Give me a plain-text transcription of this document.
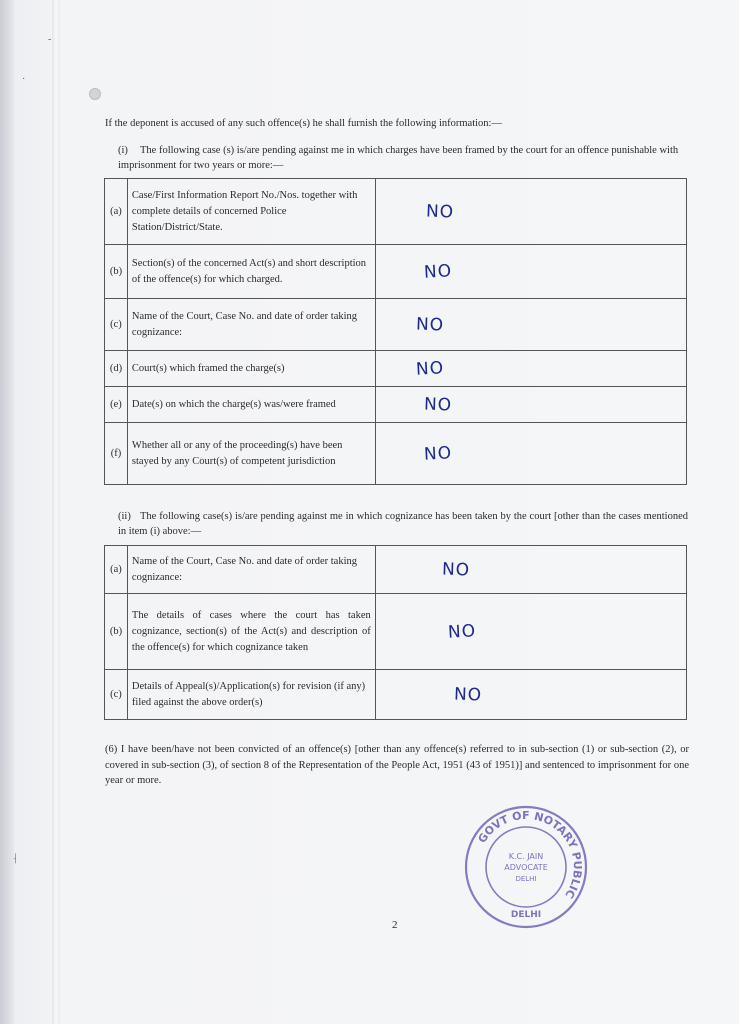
·
-
⸡
If the deponent is accused of any such offence(s) he shall furnish the following information:—
(i) The following case (s) is/are pending against me in which charges have been framed by the court for an offence punishable with imprisonment for two years or more:—
(a)	Case/First Information Report No./Nos. together with complete details of concerned Police Station/District/State.	NO
(b)	Section(s) of the concerned Act(s) and short description of the offence(s) for which charged.	NO
(c)	Name of the Court, Case No. and date of order taking cognizance:	NO
(d)	Court(s) which framed the charge(s)	NO
(e)	Date(s) on which the charge(s) was/were framed	NO
(f)	Whether all or any of the proceeding(s) have been stayed by any Court(s) of competent jurisdiction	NO
(ii) The following case(s) is/are pending against me in which cognizance has been taken by the court [other than the cases mentioned in item (i) above:—
(a)	Name of the Court, Case No. and date of order taking cognizance:	NO
(b)	The details of cases where the court has taken cognizance, section(s) of the Act(s) and description of the offence(s) for which cognizance taken	NO
(c)	Details of Appeal(s)/Application(s) for revision (if any) filed against the above order(s)	NO
(6) I have been/have not been convicted of an offence(s) [other than any offence(s) referred to in sub-section (1) or sub-section (2), or covered in sub-section (3), of section 8 of the Representation of the People Act, 1951 (43 of 1951)] and sentenced to imprisonment for one year or more.
2
GOVT OF NOTARY PUBLIC
K.C. JAIN
ADVOCATE
DELHI
DELHI
